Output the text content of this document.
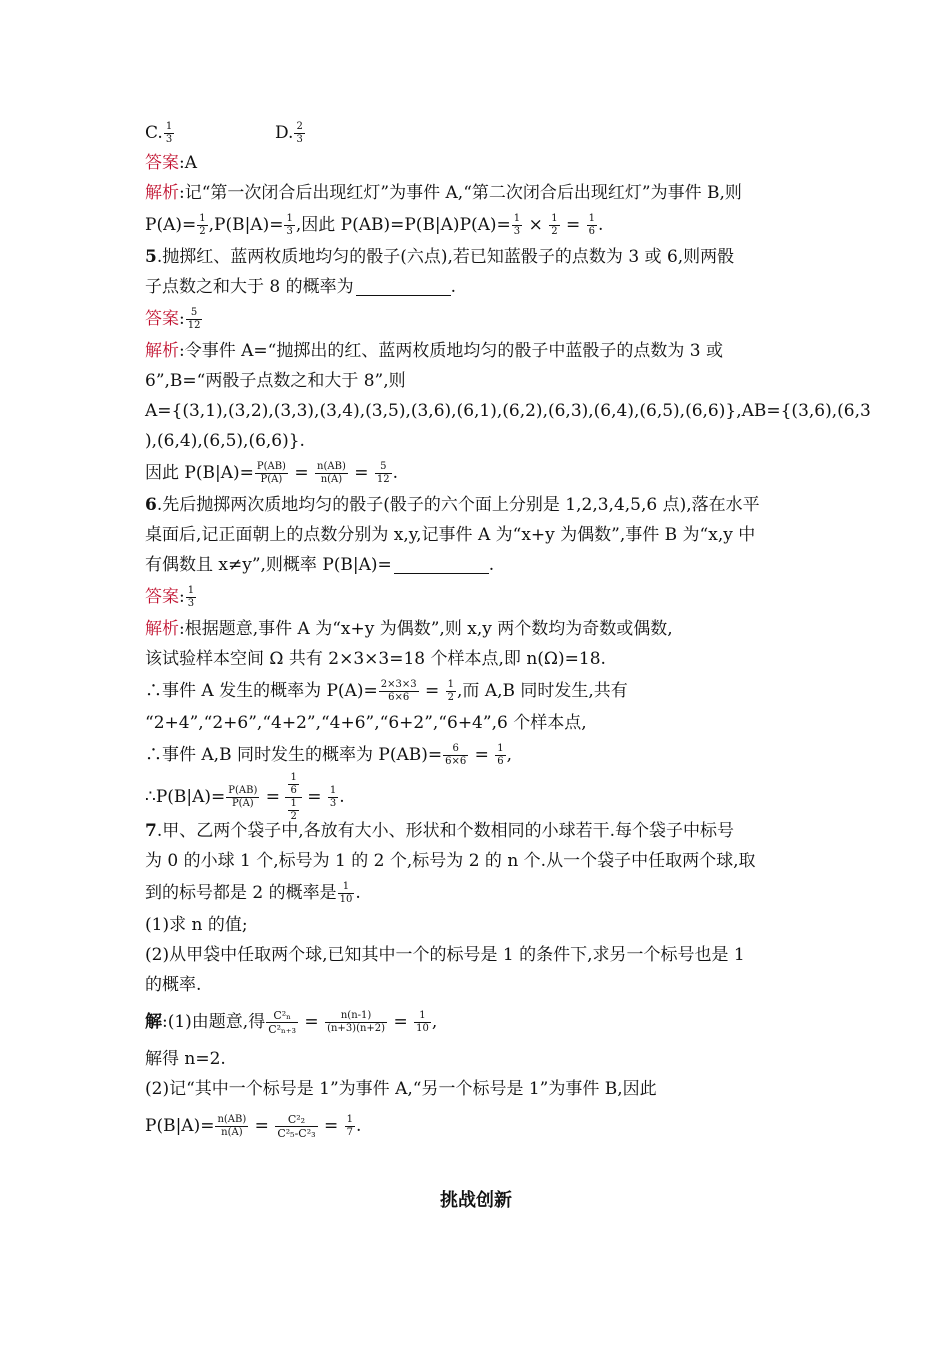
C. $\frac{1}{3}$	D. $\frac{2}{3}$
答案:A
解析:记“第一次闭合后出现红灯”为事件 A,“第二次闭合后出现红灯”为事件 B,则
$P(A)= \frac{1}{2} ,P(B|A)= \frac{1}{3}$ ,因此 $P(AB)=P(B|A)P(A)= \frac{1}{3} \times \frac{1}{2} = \frac{1}{6}$ .
5.抛掷红、蓝两枚质地均匀的骰子(六点),若已知蓝骰子的点数为 3 或 6,则两骰
子点数之和大于 8 的概率为	.
答案: $\frac{5}{12}$
解析:令事件 A=“抛掷出的红、蓝两枚质地均匀的骰子中蓝骰子的点数为 3 或
6”,B=“两骰子点数之和大于 8”,则
A={(3,1),(3,2),(3,3),(3,4),(3,5),(3,6),(6,1),(6,2),(6,3),(6,4),(6,5),(6,6)},AB={(3,6),(6,3
),(6,4),(6,5),(6,6)}.
因此 $P(B|A)= \frac{P(AB)}{P(A)} = \frac{n(AB)}{n(A)} = \frac{5}{12}$ .
6.先后抛掷两次质地均匀的骰子(骰子的六个面上分别是 1,2,3,4,5,6 点),落在水平
桌面后,记正面朝上的点数分别为 x,y,记事件 A 为“x+y 为偶数”,事件 B 为“x,y 中
有偶数且 x≠y”,则概率 P(B|A)=	.
答案: $\frac{1}{3}$
解析:根据题意,事件 A 为“x+y 为偶数”,则 x,y 两个数均为奇数或偶数,
该试验样本空间 Ω 共有 2×3×3=18 个样本点,即 n(Ω)=18.
∴事件 A 发生的概率为 $P(A)= \frac{2\times 3\times 3}{6\times 6} = \frac{1}{2}$ ,而 A,B 同时发生,共有
“2+4”,“2+6”,“4+2”,“4+6”,“6+2”,“6+4”,6 个样本点,
∴事件 A,B 同时发生的概率为 $P(AB)= \frac{6}{6\times 6} = \frac{1}{6}$ ,
∴P(B|A)= $\frac{P(AB)}{P(A)} = \frac{\frac{1}{6}}{\frac{1}{2}} = \frac{1}{3}$ .
7.甲、乙两个袋子中,各放有大小、形状和个数相同的小球若干.每个袋子中标号
为 0 的小球 1 个,标号为 1 的 2 个,标号为 2 的 n 个.从一个袋子中任取两个球,取
到的标号都是 2 的概率是 $\frac{1}{10}$ .
(1)求 n 的值;
(2)从甲袋中任取两个球,已知其中一个的标号是 1 的条件下,求另一个标号也是 1
的概率.
解:(1)由题意,得 $\frac{\text{C²ₙ}}{\text{C²ₙ₊₃}} = \frac{n(n-1)}{(n+3)(n+2)} = \frac{1}{10}$ ,
解得 n=2.
(2)记“其中一个标号是 1”为事件 A,“另一个标号是 1”为事件 B,因此
$P(B|A)= \frac{n(AB)}{n(A)} = \frac{\text{C²₂}}{\text{C²₅-C²₃}} = \frac{1}{7}$ .
挑战创新
